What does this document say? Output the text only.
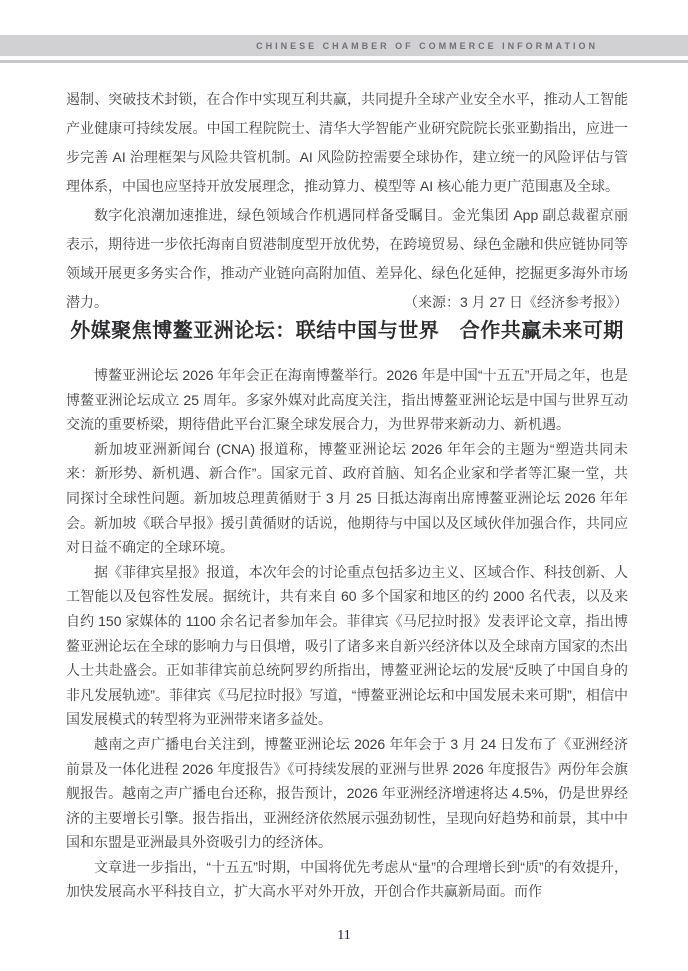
CHINESE CHAMBER OF COMMERCE INFORMATION

遏制、突破技术封锁，在合作中实现互利共赢，共同提升全球产业安全水平，推动人工智能产业健康可持续发展。中国工程院院士、清华大学智能产业研究院院长张亚勤指出，应进一步完善 AI 治理框架与风险共管机制。AI 风险防控需要全球协作，建立统一的风险评估与管理体系，中国也应坚持开放发展理念，推动算力、模型等 AI 核心能力更广范围惠及全球。

数字化浪潮加速推进，绿色领域合作机遇同样备受瞩目。金光集团 App 副总裁翟京丽表示，期待进一步依托海南自贸港制度型开放优势，在跨境贸易、绿色金融和供应链协同等领域开展更多务实合作，推动产业链向高附加值、差异化、绿色化延伸，挖掘更多海外市场潜力。	（来源：3 月 27 日《经济参考报》）

外媒聚焦博鳌亚洲论坛：联结中国与世界　合作共赢未来可期

博鳌亚洲论坛 2026 年年会正在海南博鳌举行。2026 年是中国“十五五”开局之年，也是博鳌亚洲论坛成立 25 周年。多家外媒对此高度关注，指出博鳌亚洲论坛是中国与世界互动交流的重要桥梁，期待借此平台汇聚全球发展合力，为世界带来新动力、新机遇。

新加坡亚洲新闻台 (CNA) 报道称，博鳌亚洲论坛 2026 年年会的主题为“塑造共同未来：新形势、新机遇、新合作”。国家元首、政府首脑、知名企业家和学者等汇聚一堂，共同探讨全球性问题。新加坡总理黄循财于 3 月 25 日抵达海南出席博鳌亚洲论坛 2026 年年会。新加坡《联合早报》援引黄循财的话说，他期待与中国以及区域伙伴加强合作，共同应对日益不确定的全球环境。

据《菲律宾星报》报道，本次年会的讨论重点包括多边主义、区域合作、科技创新、人工智能以及包容性发展。据统计，共有来自 60 多个国家和地区的约 2000 名代表，以及来自约 150 家媒体的 1100 余名记者参加年会。菲律宾《马尼拉时报》发表评论文章，指出博鳌亚洲论坛在全球的影响力与日俱增，吸引了诸多来自新兴经济体以及全球南方国家的杰出人士共赴盛会。正如菲律宾前总统阿罗约所指出，博鳌亚洲论坛的发展“反映了中国自身的非凡发展轨迹”。菲律宾《马尼拉时报》写道，“博鳌亚洲论坛和中国发展未来可期”，相信中国发展模式的转型将为亚洲带来诸多益处。

越南之声广播电台关注到，博鳌亚洲论坛 2026 年年会于 3 月 24 日发布了《亚洲经济前景及一体化进程 2026 年度报告》《可持续发展的亚洲与世界 2026 年度报告》两份年会旗舰报告。越南之声广播电台还称，报告预计，2026 年亚洲经济增速将达 4.5%，仍是世界经济的主要增长引擎。报告指出，亚洲经济依然展示强劲韧性，呈现向好趋势和前景，其中中国和东盟是亚洲最具外资吸引力的经济体。

文章进一步指出，“十五五”时期，中国将优先考虑从“量”的合理增长到“质”的有效提升，加快发展高水平科技自立，扩大高水平对外开放，开创合作共赢新局面。而作

11
